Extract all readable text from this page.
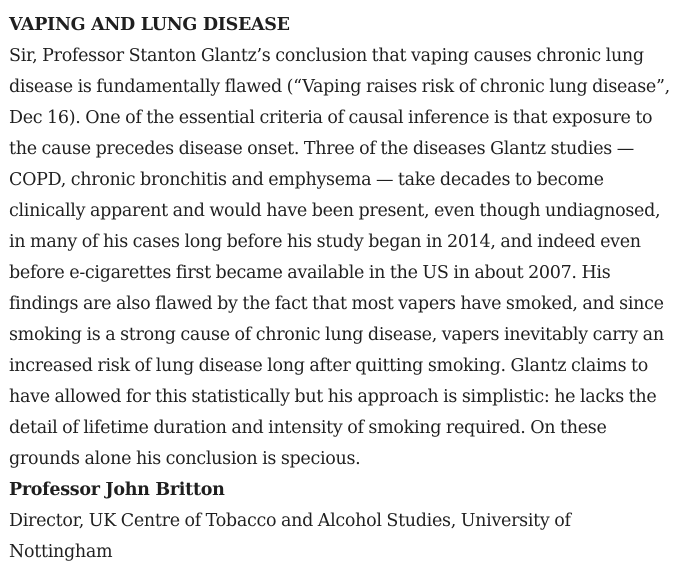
VAPING AND LUNG DISEASE

Sir, Professor Stanton Glantz’s conclusion that vaping causes chronic lung disease is fundamentally flawed (“Vaping raises risk of chronic lung disease”, Dec 16). One of the essential criteria of causal inference is that exposure to the cause precedes disease onset. Three of the diseases Glantz studies — COPD, chronic bronchitis and emphysema — take decades to become clinically apparent and would have been present, even though undiagnosed, in many of his cases long before his study began in 2014, and indeed even before e-cigarettes first became available in the US in about 2007. His findings are also flawed by the fact that most vapers have smoked, and since smoking is a strong cause of chronic lung disease, vapers inevitably carry an increased risk of lung disease long after quitting smoking. Glantz claims to have allowed for this statistically but his approach is simplistic: he lacks the detail of lifetime duration and intensity of smoking required. On these grounds alone his conclusion is specious.

Professor John Britton

Director, UK Centre of Tobacco and Alcohol Studies, University of Nottingham
